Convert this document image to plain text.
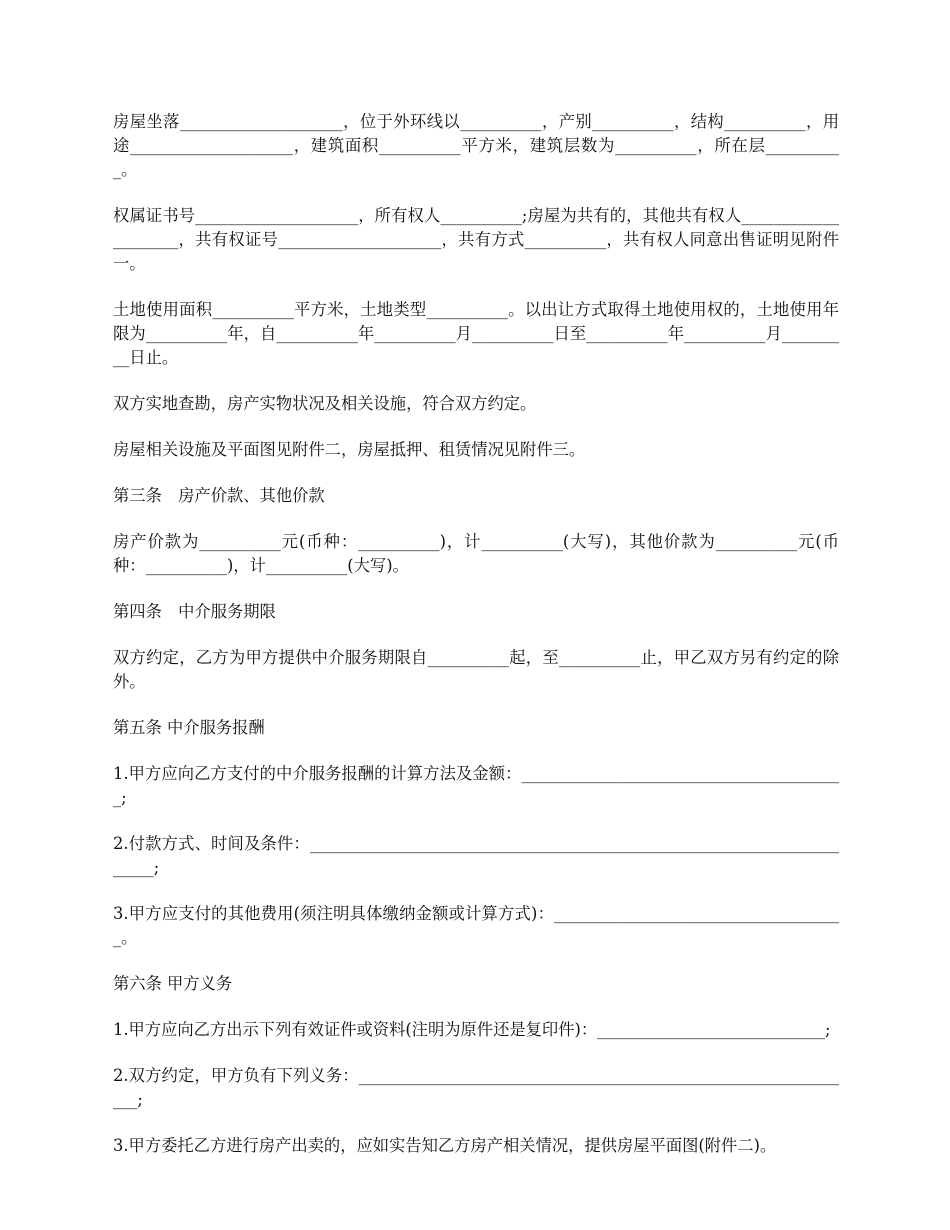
房屋坐落____________________，位于外环线以__________，产别__________，结构__________，用途____________________，建筑面积__________平方米，建筑层数为__________，所在层__________。

权属证书号____________________，所有权人__________;房屋为共有的，其他共有权人____________________，共有权证号____________________，共有方式__________，共有权人同意出售证明见附件一。

土地使用面积__________平方米，土地类型__________。以出让方式取得土地使用权的，土地使用年限为__________年，自__________年__________月__________日至__________年__________月_________日止。

双方实地查勘，房产实物状况及相关设施，符合双方约定。

房屋相关设施及平面图见附件二，房屋抵押、租赁情况见附件三。

第三条　房产价款、其他价款

房产价款为__________元(币种：__________)，计__________(大写)，其他价款为__________元(币种：__________)，计__________(大写)。

第四条　中介服务期限

双方约定，乙方为甲方提供中介服务期限自__________起，至__________止，甲乙双方另有约定的除外。

第五条 中介服务报酬

1.甲方应向乙方支付的中介服务报酬的计算方法及金额：________________________________________;

2.付款方式、时间及条件：______________________________________________________________________;

3.甲方应支付的其他费用(须注明具体缴纳金额或计算方式)：____________________________________。

第六条 甲方义务

1.甲方应向乙方出示下列有效证件或资料(注明为原件还是复印件)：____________________________;

2.双方约定，甲方负有下列义务：______________________________________________________________;

3.甲方委托乙方进行房产出卖的，应如实告知乙方房产相关情况，提供房屋平面图(附件二)。
